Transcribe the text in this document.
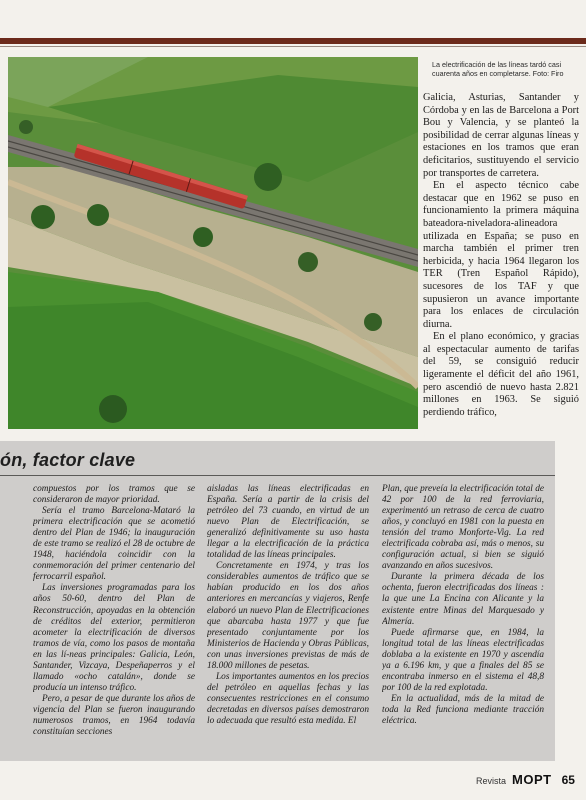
La electrificación de las líneas tardó casi cuarenta años en completarse. Foto: Firo

Galicia, Asturias, Santander y Córdoba y en las de Barcelona a Port Bou y Valencia, y se planteó la posibilidad de cerrar algunas líneas y estaciones en los tramos que eran deficitarios, sustituyendo el servicio por transportes de carretera.

En el aspecto técnico cabe destacar que en 1962 se puso en funcionamiento la primera máquina bateadora-niveladora-alineadora utilizada en España; se puso en marcha también el primer tren herbicida, y hacia 1964 llegaron los TER (Tren Español Rápido), sucesores de los TAF y que supusieron un avance importante para los enlaces de circulación diurna.

En el plano económico, y gracias al espectacular aumento de tarifas del 59, se consiguió reducir ligeramente el déficit del año 1961, pero ascendió de nuevo hasta 2.821 millones en 1963. Se siguió perdiendo tráfico,

ón, factor clave

compuestos por los tramos que se consideraron de mayor prioridad.

Sería el tramo Barcelona-Mataró la primera electrificación que se acometió dentro del Plan de 1946; la inauguración de este tramo se realizó el 28 de octubre de 1948, haciéndola coincidir con la conmemoración del primer centenario del ferrocarril español.

Las inversiones programadas para los años 50-60, dentro del Plan de Reconstrucción, apoyadas en la obtención de créditos del exterior, permitieron acometer la electrificación de diversos tramos de vía, como los pasos de montaña en las lí-neas principales: Galicia, León, Santander, Vizcaya, Despeñaperros y el llamado «ocho catalán», donde se producía un intenso tráfico.

Pero, a pesar de que durante los años de vigencia del Plan se fueron inaugurando numerosos tramos, en 1964 todavía constituían secciones

aisladas las líneas electrificadas en España. Sería a partir de la crisis del petróleo del 73 cuando, en virtud de un nuevo Plan de Electrificación, se generalizó definitivamente su uso hasta llegar a la electrificación de la práctica totalidad de las líneas principales.

Concretamente en 1974, y tras los considerables aumentos de tráfico que se habían producido en los dos años anteriores en mercancías y viajeros, Renfe elaboró un nuevo Plan de Electrificaciones que abarcaba hasta 1977 y que fue presentado conjuntamente por los Ministerios de Hacienda y Obras Públicas, con unas inversiones previstas de más de 18.000 millones de pesetas.

Los importantes aumentos en los precios del petróleo en aquellas fechas y las consecuentes restricciones en el consumo decretadas en diversos países demostraron lo adecuada que resultó esta medida. El

Plan, que preveía la electrificación total de 42 por 100 de la red ferroviaria, experimentó un retraso de cerca de cuatro años, y concluyó en 1981 con la puesta en tensión del tramo Monforte-Vig. La red electrificada cobraba así, más o menos, su configuración actual, si bien se siguió avanzando en años sucesivos.

Durante la primera década de los ochenta, fueron electrificadas dos líneas : la que une La Encina con Alicante y la existente entre Minas del Marquesado y Almería.

Puede afirmarse que, en 1984, la longitud total de las líneas electrificadas doblaba a la existente en 1970 y ascendía ya a 6.196 km, y que a finales del 85 se encontraba inmerso en el sistema el 48,8 por 100 de la red explotada.

En la actualidad, más de la mitad de toda la Red funciona mediante tracción eléctrica.

Revista MOPT 65
